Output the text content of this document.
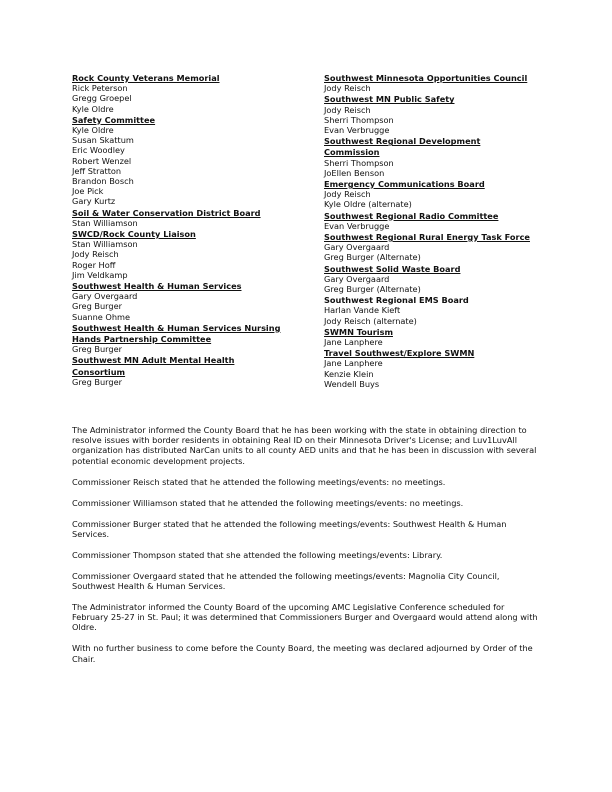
Rock County Veterans Memorial
Rick Peterson
Gregg Groepel
Kyle Oldre
Safety Committee
Kyle Oldre
Susan Skattum
Eric Woodley
Robert Wenzel
Jeff Stratton
Brandon Bosch
Joe Pick
Gary Kurtz
Soil & Water Conservation District Board
Stan Williamson
SWCD/Rock County Liaison
Stan Williamson
Jody Reisch
Roger Hoff
Jim Veldkamp
Southwest Health & Human Services
Gary Overgaard
Greg Burger
Suanne Ohme
Southwest Health & Human Services Nursing
Hands Partnership Committee
Greg Burger
Southwest MN Adult Mental Health
Consortium
Greg Burger
Southwest Minnesota Opportunities Council
Jody Reisch
Southwest MN Public Safety
Jody Reisch
Sherri Thompson
Evan Verbrugge
Southwest Regional Development
Commission
Sherri Thompson
JoEllen Benson
Emergency Communications Board
Jody Reisch
Kyle Oldre (alternate)
Southwest Regional Radio Committee
Evan Verbrugge
Southwest Regional Rural Energy Task Force
Gary Overgaard
Greg Burger (Alternate)
Southwest Solid Waste Board
Gary Overgaard
Greg Burger (Alternate)
Southwest Regional EMS Board
Harlan Vande Kieft
Jody Reisch (alternate)
SWMN Tourism
Jane Lanphere
Travel Southwest/Explore SWMN
Jane Lanphere
Kenzie Klein
Wendell Buys

The Administrator informed the County Board that he has been working with the state in obtaining direction to resolve issues with border residents in obtaining Real ID on their Minnesota Driver's License; and Luv1LuvAll organization has distributed NarCan units to all county AED units and that he has been in discussion with several potential economic development projects.

Commissioner Reisch stated that he attended the following meetings/events: no meetings.

Commissioner Williamson stated that he attended the following meetings/events: no meetings.

Commissioner Burger stated that he attended the following meetings/events: Southwest Health & Human Services.

Commissioner Thompson stated that she attended the following meetings/events: Library.

Commissioner Overgaard stated that he attended the following meetings/events: Magnolia City Council, Southwest Health & Human Services.

The Administrator informed the County Board of the upcoming AMC Legislative Conference scheduled for February 25-27 in St. Paul; it was determined that Commissioners Burger and Overgaard would attend along with Oldre.

With no further business to come before the County Board, the meeting was declared adjourned by Order of the Chair.
